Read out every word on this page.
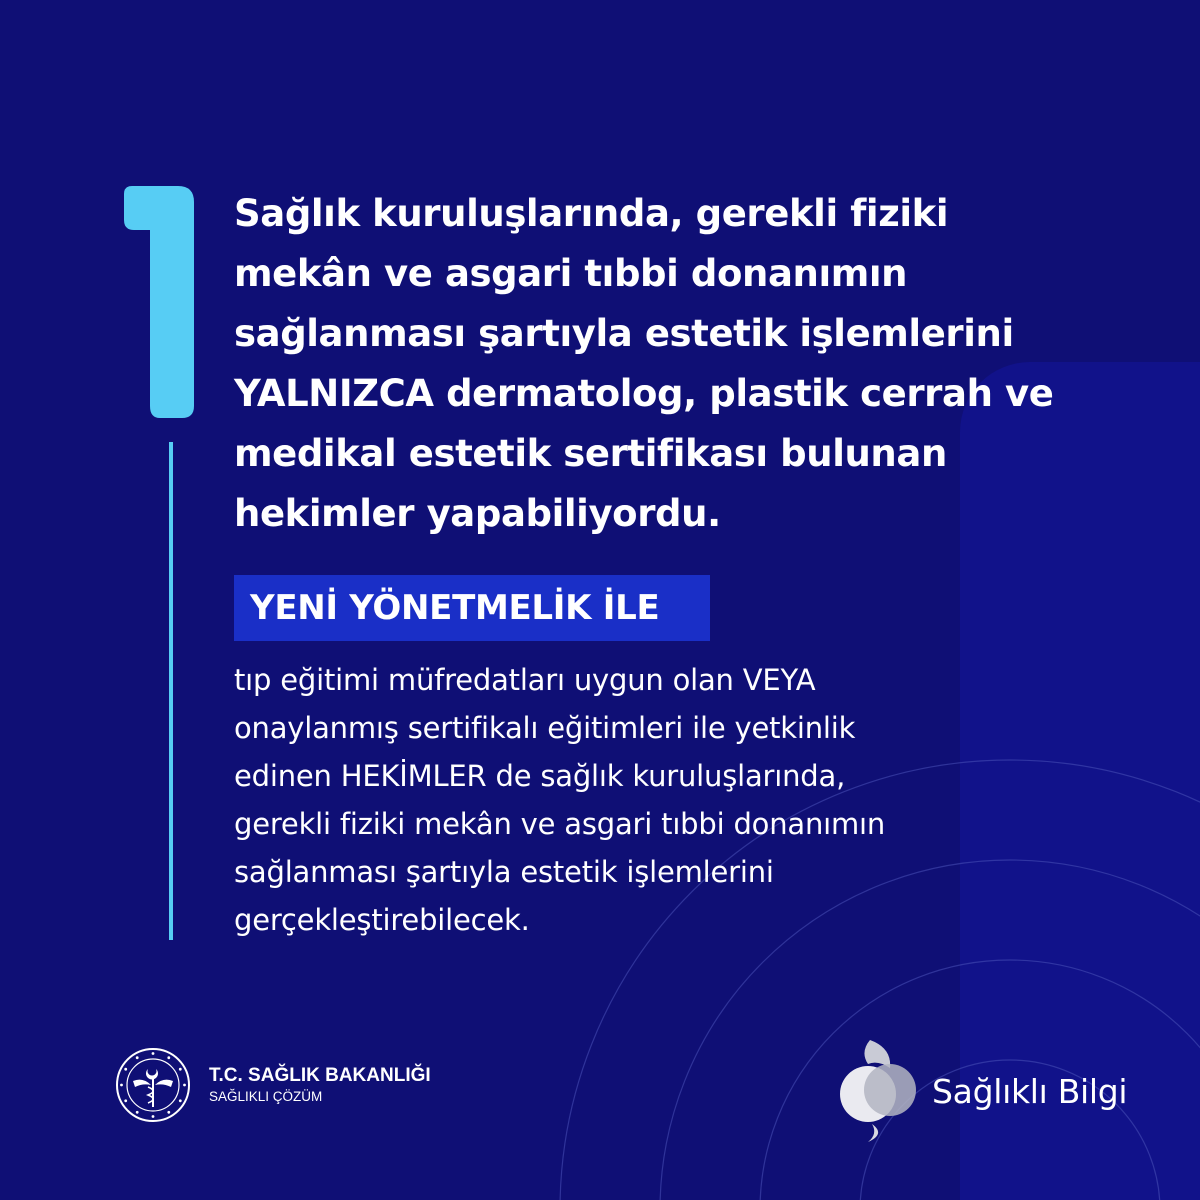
Sağlık kuruluşlarında, gerekli fiziki
mekân ve asgari tıbbi donanımın
sağlanması şartıyla estetik işlemlerini
YALNIZCA dermatolog, plastik cerrah ve
medikal estetik sertifikası bulunan
hekimler yapabiliyordu.
YENİ YÖNETMELİK İLE
tıp eğitimi müfredatları uygun olan VEYA
onaylanmış sertifikalı eğitimleri ile yetkinlik
edinen HEKİMLER de sağlık kuruluşlarında,
gerekli fiziki mekân ve asgari tıbbi donanımın
sağlanması şartıyla estetik işlemlerini
gerçekleştirebilecek.
T.C. SAĞLIK BAKANLIĞI
SAĞLIKLI ÇÖZÜM	Sağlıklı Bilgi
